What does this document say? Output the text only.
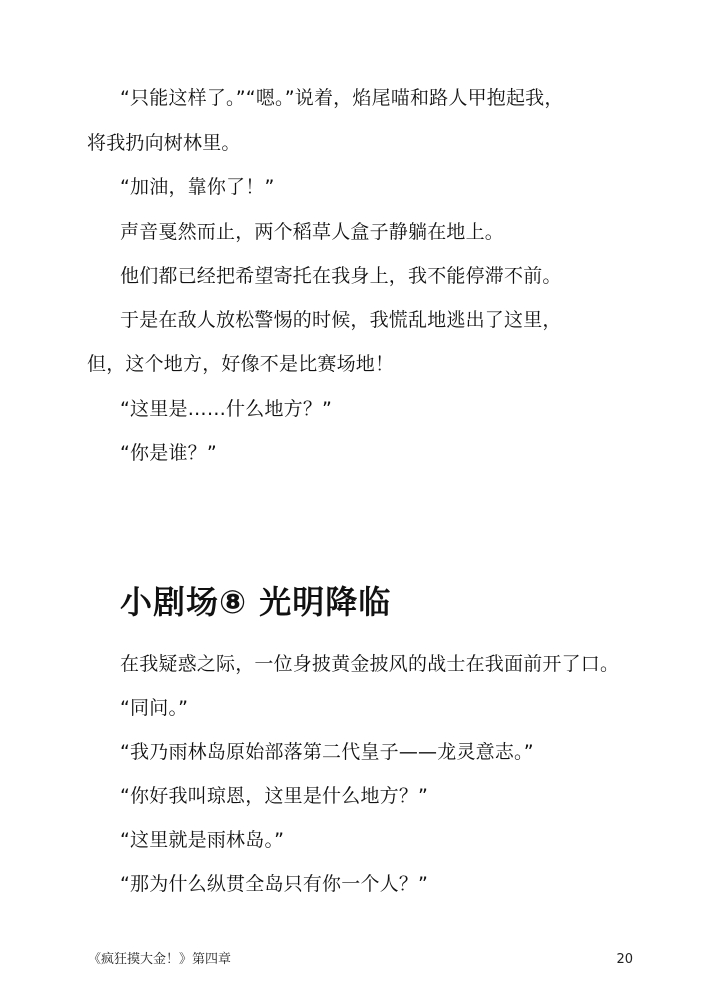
“只能这样了。”“嗯。”说着，焰尾喵和路人甲抱起我，
将我扔向树林里。
“加油，靠你了！”
声音戛然而止，两个稻草人盒子静躺在地上。
他们都已经把希望寄托在我身上，我不能停滞不前。
于是在敌人放松警惕的时候，我慌乱地逃出了这里，
但，这个地方，好像不是比赛场地！
“这里是……什么地方？”
“你是谁？”
小剧场⑧ 光明降临
在我疑惑之际，一位身披黄金披风的战士在我面前开了口。
“同问。”
“我乃雨林岛原始部落第二代皇子——龙灵意志。”
“你好我叫琼恩，这里是什么地方？”
“这里就是雨林岛。”
“那为什么纵贯全岛只有你一个人？”
《疯狂摸大金！》第四章	20
